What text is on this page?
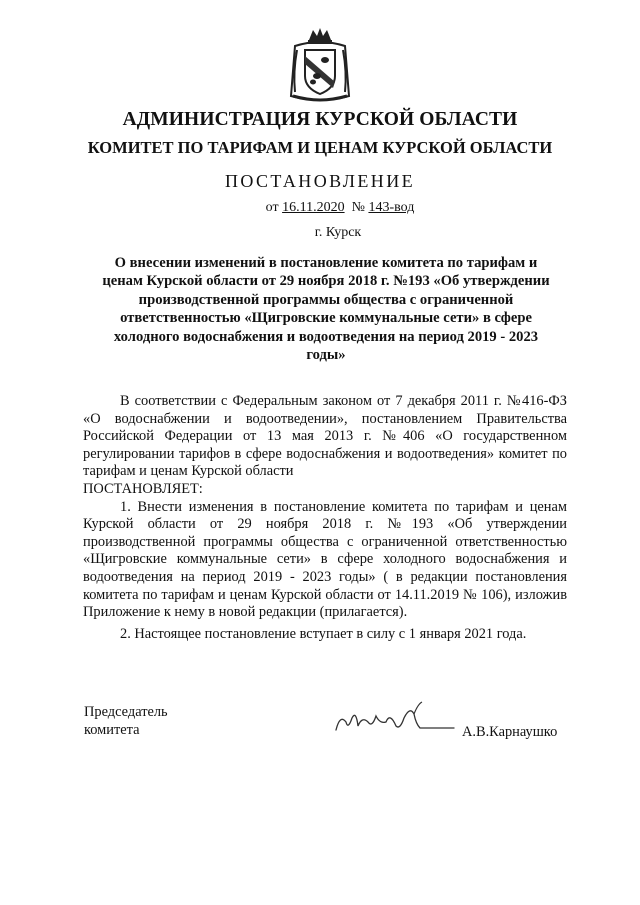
АДМИНИСТРАЦИЯ КУРСКОЙ ОБЛАСТИ
КОМИТЕТ ПО ТАРИФАМ И ЦЕНАМ КУРСКОЙ ОБЛАСТИ
ПОСТАНОВЛЕНИЕ
от 16.11.2020 № 143-вод
г. Курск
О внесении изменений в постановление комитета по тарифам и
ценам Курской области от 29 ноября 2018 г. №193 «Об утверждении
производственной программы общества с ограниченной
ответственностью «Щигровские коммунальные сети» в сфере
холодного водоснабжения и водоотведения на период 2019 - 2023
годы»

В соответствии с Федеральным законом от 7 декабря 2011 г. №416-ФЗ «О водоснабжении и водоотведении», постановлением Правительства Российской Федерации от 13 мая 2013 г. №406 «О государственном регулировании тарифов в сфере водоснабжения и водоотведения» комитет по тарифам и ценам Курской области

ПОСТАНОВЛЯЕТ:

1. Внести изменения в постановление комитета по тарифам и ценам Курской области от 29 ноября 2018 г. №193 «Об утверждении производственной программы общества с ограниченной ответственностью «Щигровские коммунальные сети» в сфере холодного водоснабжения и водоотведения на период 2019 - 2023 годы» ( в редакции постановления комитета по тарифам и ценам Курской области от 14.11.2019 № 106), изложив Приложение к нему в новой редакции (прилагается).

2. Настоящее постановление вступает в силу с 1 января 2021 года.

Председатель
комитета	А.В.Карнаушко
